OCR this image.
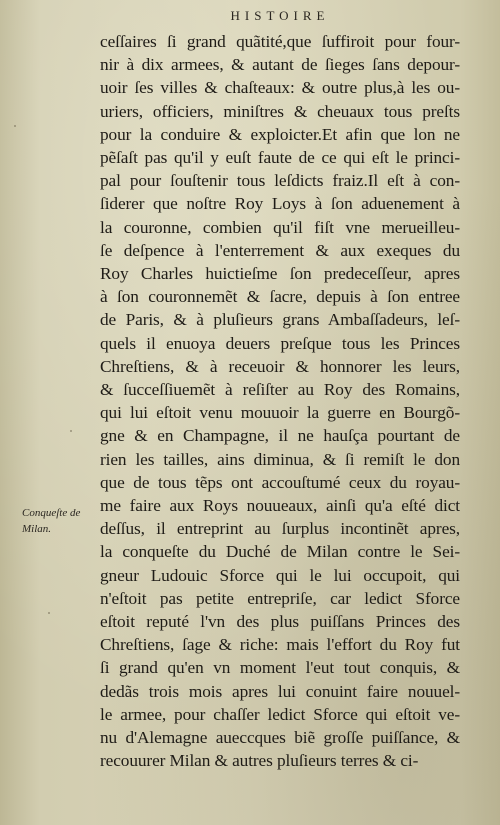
HISTOIRE
Conqueſte de
Milan.
ceſſaires ſi grand quãtité,que ſuffiroit pour four-
nir à dix armees, & autant de ſieges ſans depour-
uoir ſes villes & chaſteaux: & outre plus,à les ou-
uriers, officiers, miniſtres & cheuaux tous preſts
pour la conduire & exploicter.Et afin que lon ne
pẽſaſt pas qu'il y euſt faute de ce qui eſt le princi-
pal pour ſouſtenir tous leſdicts fraiz.Il eſt à con-
ſiderer que noſtre Roy Loys à ſon aduenement à
la couronne, combien qu'il fiſt vne merueilleu-
ſe deſpence à l'enterrement & aux exeques du
Roy Charles huictieſme ſon predeceſſeur, apres
à ſon couronnemẽt & ſacre, depuis à ſon entree
de Paris, & à pluſieurs grans Ambaſſadeurs, leſ-
quels il enuoya deuers preſque tous les Princes
Chreſtiens, & à receuoir & honnorer les leurs,
& ſucceſſiuemẽt à reſiſter au Roy des Romains,
qui lui eſtoit venu mouuoir la guerre en Bourgõ-
gne & en Champagne, il ne hauſça pourtant de
rien les tailles, ains diminua, & ſi remiſt le don
que de tous tẽps ont accouſtumé ceux du royau-
me faire aux Roys nouueaux, ainſi qu'a eſté dict
deſſus, il entreprint au ſurplus incontinẽt apres,
la conqueſte du Duché de Milan contre le Sei-
gneur Ludouic Sforce qui le lui occupoit, qui
n'eſtoit pas petite entrepriſe, car ledict Sforce
eſtoit reputé l'vn des plus puiſſans Princes des
Chreſtiens, ſage & riche: mais l'effort du Roy fut
ſi grand qu'en vn moment l'eut tout conquis, &
dedãs trois mois apres lui conuint faire nouuel-
le armee, pour chaſſer ledict Sforce qui eſtoit ve-
nu d'Alemagne aueccques biẽ groſſe puiſſance, &
recouurer Milan & autres pluſieurs terres & ci-
